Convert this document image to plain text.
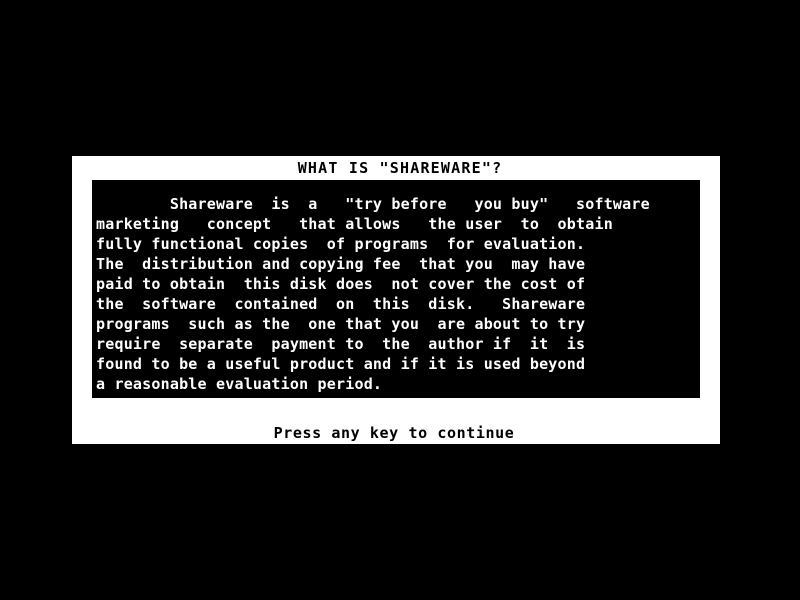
WHAT IS "SHAREWARE"?
Shareware  is  a   "try before   you buy"   software
marketing   concept   that allows   the user  to  obtain
fully functional copies  of programs  for evaluation.
The  distribution and copying fee  that you  may have
paid to obtain  this disk does  not cover the cost of
the  software  contained  on  this  disk.   Shareware
programs  such as the  one that you  are about to try
require  separate  payment to  the  author if  it  is
found to be a useful product and if it is used beyond
a reasonable evaluation period.
Press any key to continue
